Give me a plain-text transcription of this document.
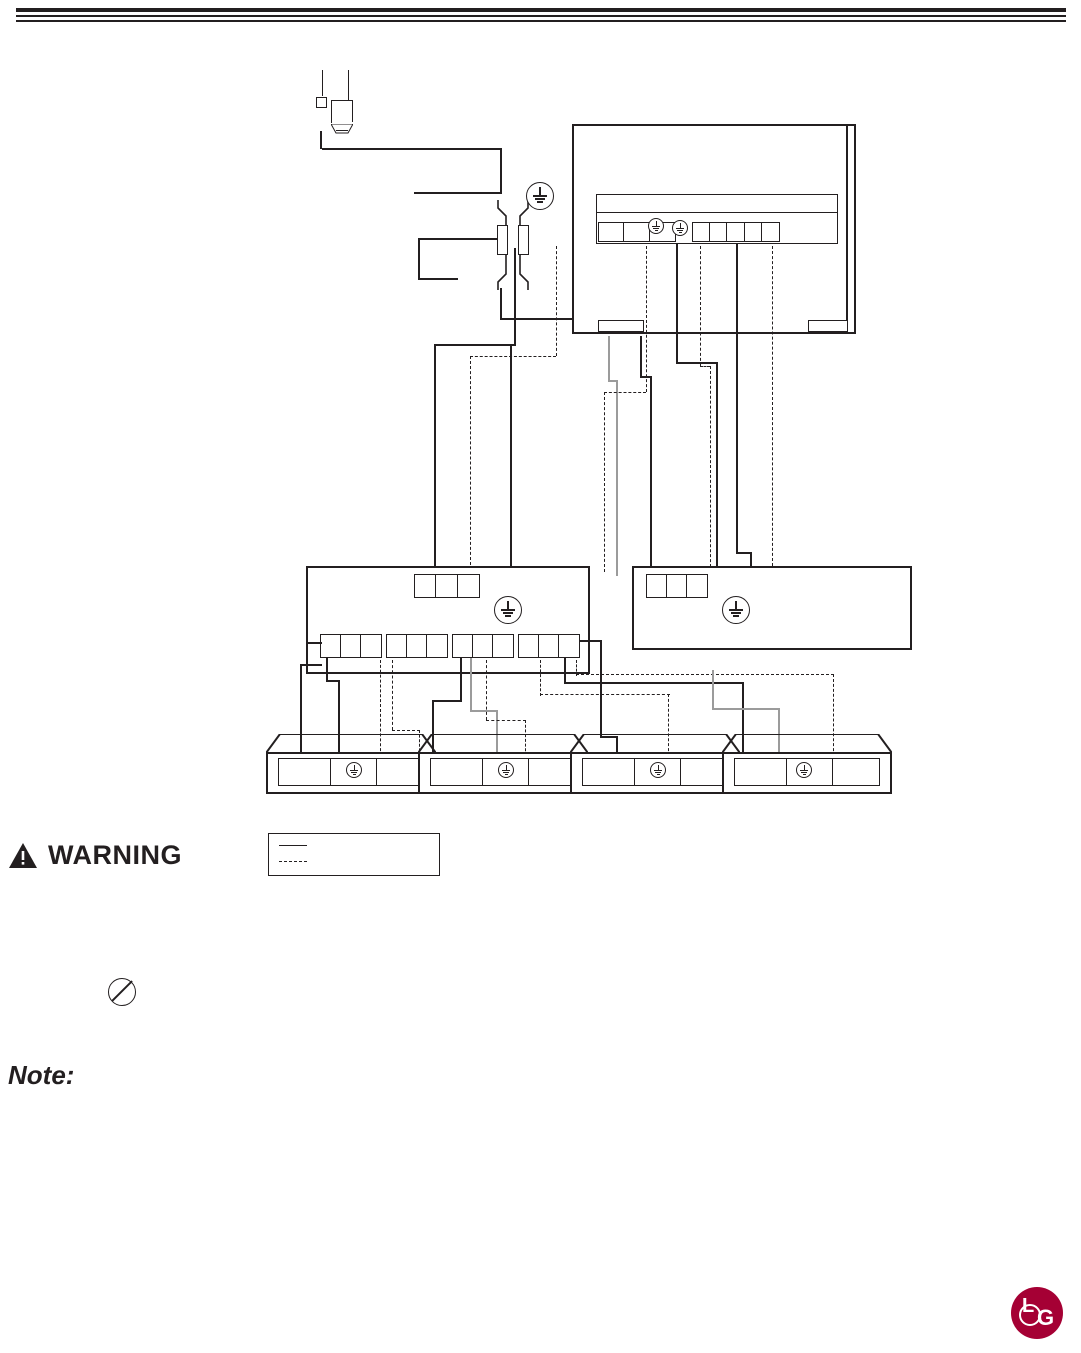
WARNING
Note:
L G
